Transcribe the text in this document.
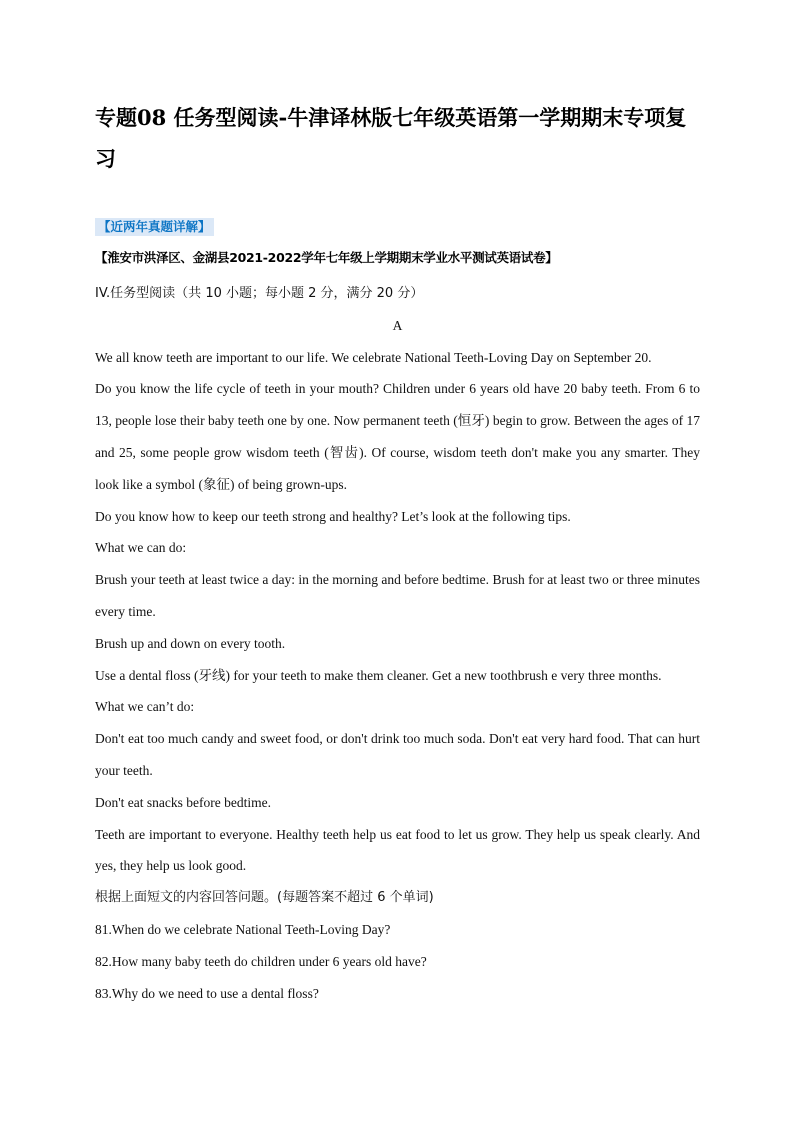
专题08 任务型阅读-牛津译林版七年级英语第一学期期末专项复习
【近两年真题详解】
【淮安市洪泽区、金湖县2021-2022学年七年级上学期期末学业水平测试英语试卷】

IV.任务型阅读（共 10 小题；每小题 2 分，满分 20 分）

A

We all know teeth are important to our life. We celebrate National Teeth-Loving Day on September 20.

Do you know the life cycle of teeth in your mouth? Children under 6 years old have 20 baby teeth. From 6 to 13, people lose their baby teeth one by one. Now permanent teeth (恒牙) begin to grow. Between the ages of 17 and 25, some people grow wisdom teeth (智齿). Of course, wisdom teeth don't make you any smarter. They look like a symbol (象征) of being grown-ups.

Do you know how to keep our teeth strong and healthy? Let’s look at the following tips.

What we can do:

Brush your teeth at least twice a day: in the morning and before bedtime. Brush for at least two or three minutes every time.

Brush up and down on every tooth.

Use a dental floss (牙线) for your teeth to make them cleaner. Get a new toothbrush e very three months.

What we can’t do:

Don't eat too much candy and sweet food, or don't drink too much soda. Don't eat very hard food. That can hurt your teeth.

Don't eat snacks before bedtime.

Teeth are important to everyone. Healthy teeth help us eat food to let us grow. They help us speak clearly. And yes, they help us look good.

根据上面短文的内容回答问题。(每题答案不超过 6 个单词)

81.When do we celebrate National Teeth-Loving Day?

82.How many baby teeth do children under 6 years old have?

83.Why do we need to use a dental floss?
